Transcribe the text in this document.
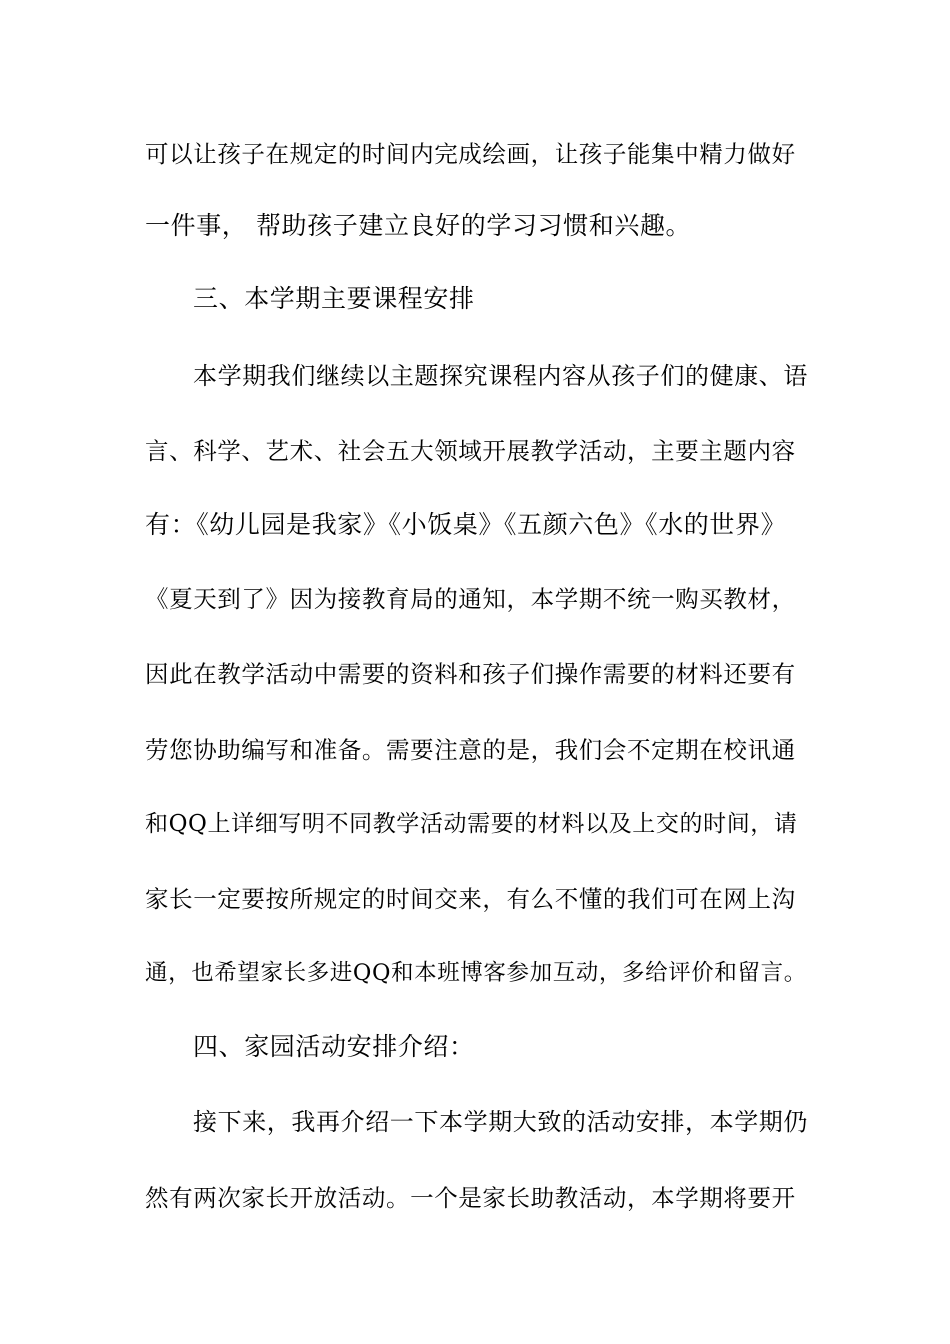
可以让孩子在规定的时间内完成绘画，让孩子能集中精力做好
一件事， 帮助孩子建立良好的学习习惯和兴趣。
三、本学期主要课程安排
本学期我们继续以主题探究课程内容从孩子们的健康、语
言、科学、艺术、社会五大领域开展教学活动，主要主题内容
有：《幼儿园是我家》《小饭桌》《五颜六色》《水的世界》
《夏天到了》因为接教育局的通知，本学期不统一购买教材，
因此在教学活动中需要的资料和孩子们操作需要的材料还要有
劳您协助编写和准备。需要注意的是，我们会不定期在校讯通
和QQ上详细写明不同教学活动需要的材料以及上交的时间，请
家长一定要按所规定的时间交来，有么不懂的我们可在网上沟
通，也希望家长多进QQ和本班博客参加互动，多给评价和留言。
四、家园活动安排介绍：
接下来，我再介绍一下本学期大致的活动安排，本学期仍
然有两次家长开放活动。一个是家长助教活动，本学期将要开
